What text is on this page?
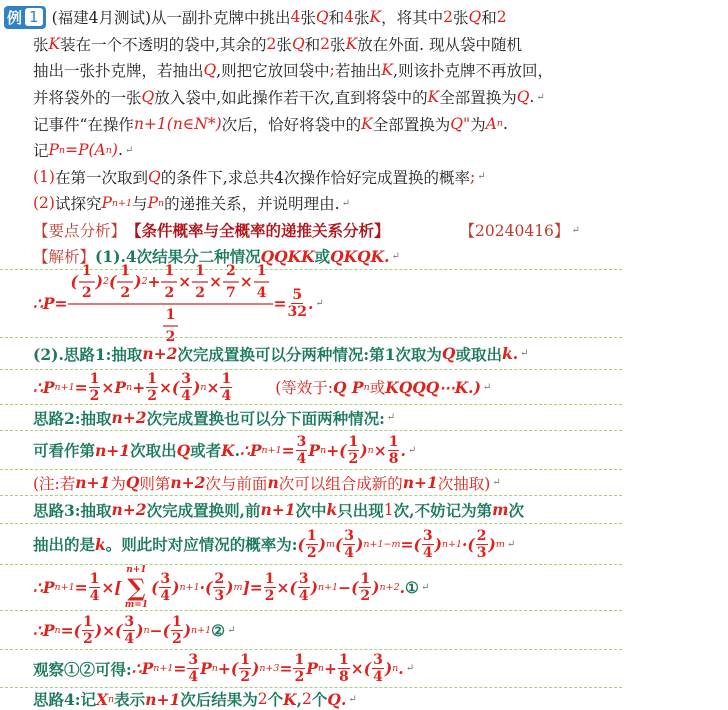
例 1 (福建4月测试)从一副扑克牌中挑出 4 张 Q 和 4 张 K ，将其中 2 张 Q 和 2
张 K 装在一个不透明的袋中,其余的 2 张 Q 和 2 张 K 放在外面. 现从袋中随机
抽出一张扑克牌，若抽出 Q ,则把它放回袋中 ; 若抽出 K ,则该扑克牌不再放回，
并将袋外的一张 Q 放入袋中,如此操作若干次,直到将袋中的 K 全部置换为 Q . ↵
记事件“在操作 n+1(n∈N*) 次后，恰好将袋中的 K 全部置换为 Q" 为 A n .
记 P n =P(A n ) . ↵
(1) 在第一次取到 Q 的条件下,求总共4次操作恰好完成置换的概率 ; ↵
(2) 试探究 P n+1 与 P n 的递推关系，并说明理由. ↵
【要点分析】 【条件概率与全概率的递推关系分析】	【20240416】 ↵
【解析】 (1).4次结果分二种情况 QQKK 或 QKQK . ↵
∴P= $\frac{( \frac{1}{2} ) 2 ( \frac{1}{2} ) 2 + \frac{1}{2} \times \frac{1}{2} \times \frac{2}{7} \times \frac{1}{4}}{\frac{1}{2}} = \frac{5}{32}$ . ↵
(2).思路1:抽取 n+2 次完成置换可以分两种情况:第1次取为 Q 或取出 k . ↵
∴P $n+1 = \frac{1}{2} \times P$ $n + \frac{1}{2}$ ×( $\frac{3}{4}$ ) $n \times \frac{1}{4}$	(等效于: Q P n 或 KQQQ⋯K.) ↵
思路2:抽取 n+2 次完成置换也可以分下面两种情况: ↵
可看作第 n+1 次取出 Q 或者 K . ∴P $n+1 = \frac{3}{4}$ P n +( $\frac{1}{2}$ ) $n \times \frac{1}{8}$ . ↵
(注:若 n+1 为 Q 则第 n+2 次与前面 n 次可以组合成新的 n+1 次抽取) ↵
思路3:抽取 n+2 次完成置换则,前 n+1 次中 k 只出现 1 次,不妨记为第 m 次
抽出的是 k 。则此时对应情况的概率为: ( $\frac{1}{2}$ ) m ( $\frac{3}{4}$ ) n+1−m =( $\frac{3}{4}$ ) n+1 ·( $\frac{2}{3}$ ) m ↵
∴P $n+1 = \frac{1}{4}$ ×[
n+1
∑
m=1
( $\frac{3}{4}$ ) n+1 ·( $\frac{2}{3}$ ) m ]= $\frac{1}{2}$ ×( $\frac{3}{4}$ ) n+1 −( $\frac{1}{2}$ ) n+2 . ① ↵
∴P n =( $\frac{1}{2}$ )×( $\frac{3}{4}$ ) n −( $\frac{1}{2}$ ) n+1 ② ↵
观察①②可得: ∴P $n+1 = \frac{3}{4}$ P n +( $\frac{1}{2}$ ) $n+3 = \frac{1}{2}$ P $n + \frac{1}{8}$ ×( $\frac{3}{4}$ ) n . ↵
思路4:记 X n 表示 n+1 次后结果为 2 个 K , 2 个 Q . ↵
